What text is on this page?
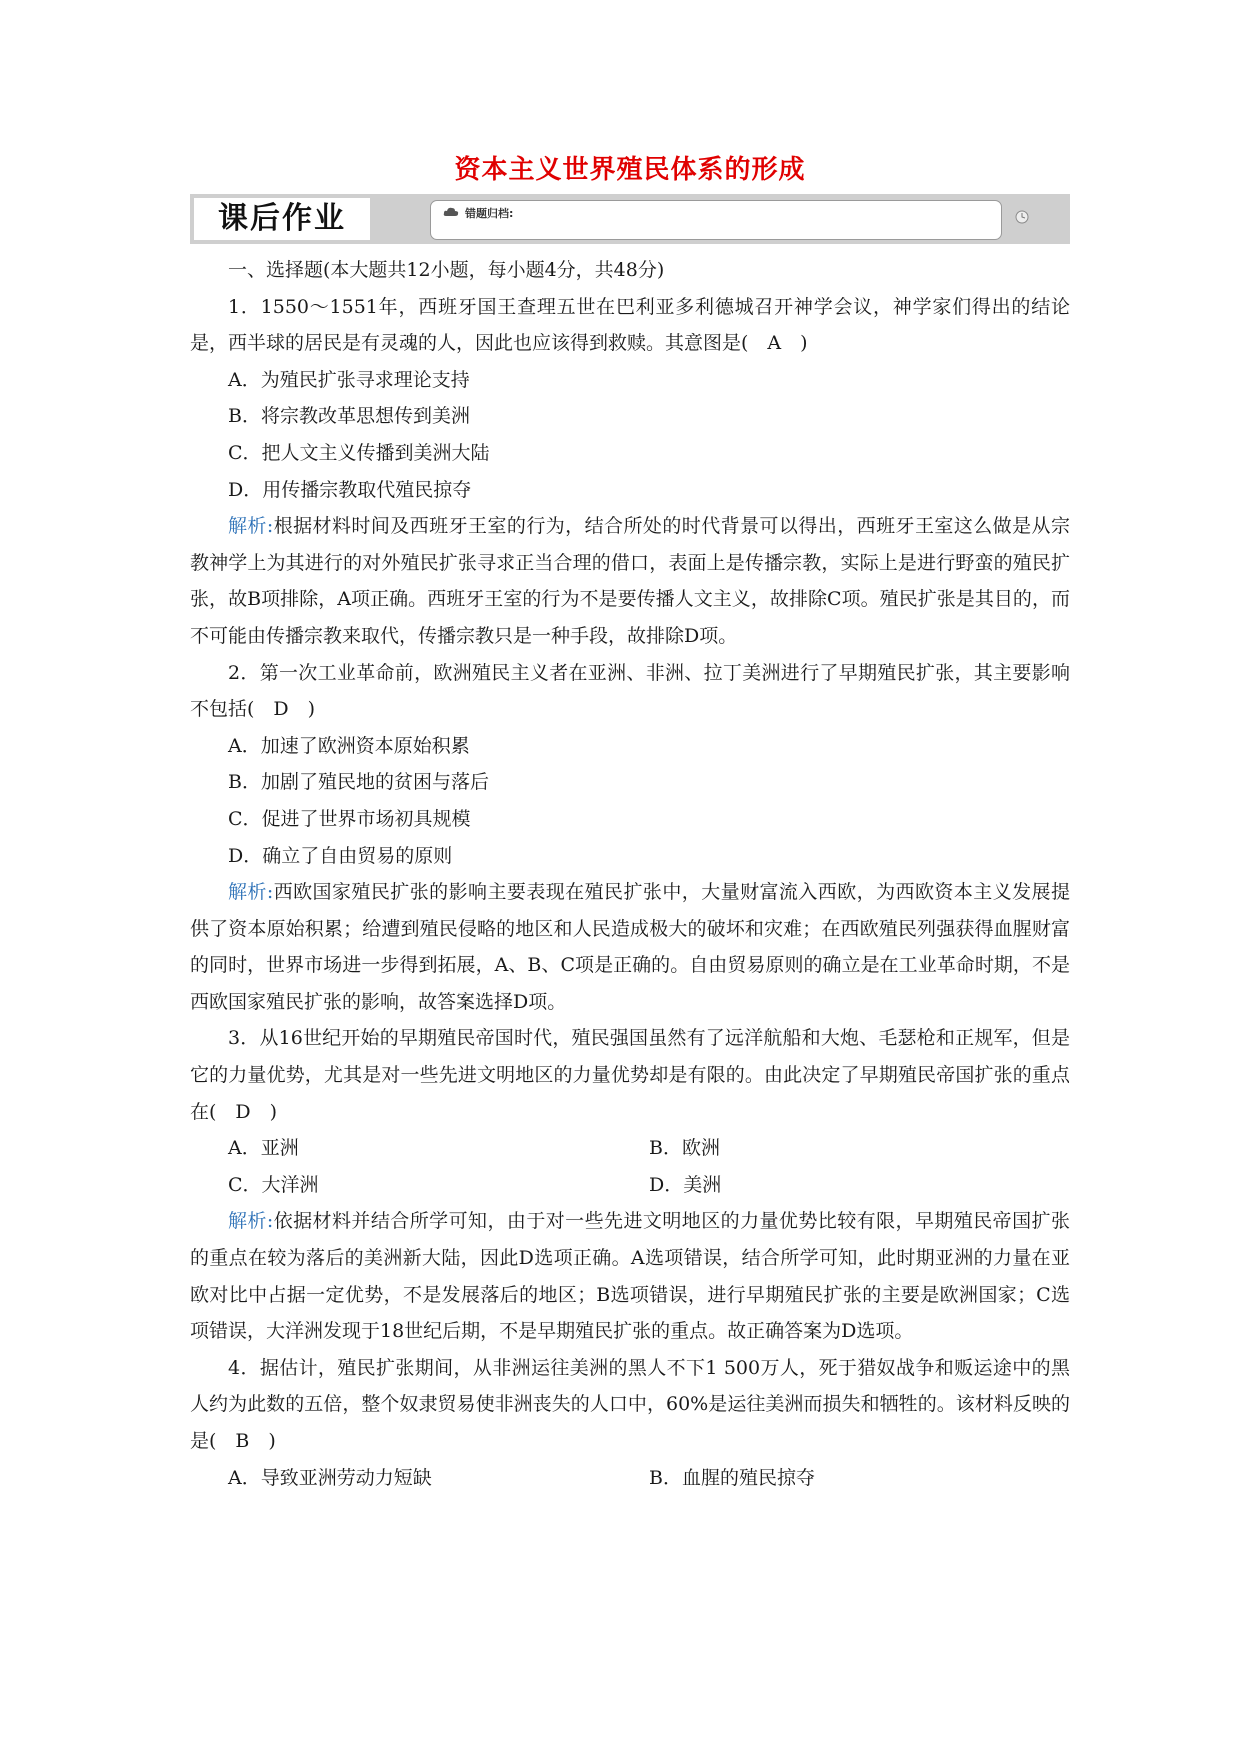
资本主义世界殖民体系的形成
课后作业	错题归档:

一、选择题(本大题共12小题，每小题4分，共48分)

1．1550～1551年，西班牙国王查理五世在巴利亚多利德城召开神学会议，神学家们得出的结论是，西半球的居民是有灵魂的人，因此也应该得到救赎。其意图是(　A　)

A．为殖民扩张寻求理论支持

B．将宗教改革思想传到美洲

C．把人文主义传播到美洲大陆

D．用传播宗教取代殖民掠夺

解析:根据材料时间及西班牙王室的行为，结合所处的时代背景可以得出，西班牙王室这么做是从宗教神学上为其进行的对外殖民扩张寻求正当合理的借口，表面上是传播宗教，实际上是进行野蛮的殖民扩张，故B项排除，A项正确。西班牙王室的行为不是要传播人文主义，故排除C项。殖民扩张是其目的，而不可能由传播宗教来取代，传播宗教只是一种手段，故排除D项。

2．第一次工业革命前，欧洲殖民主义者在亚洲、非洲、拉丁美洲进行了早期殖民扩张，其主要影响不包括(　D　)

A．加速了欧洲资本原始积累

B．加剧了殖民地的贫困与落后

C．促进了世界市场初具规模

D．确立了自由贸易的原则

解析:西欧国家殖民扩张的影响主要表现在殖民扩张中，大量财富流入西欧，为西欧资本主义发展提供了资本原始积累；给遭到殖民侵略的地区和人民造成极大的破坏和灾难；在西欧殖民列强获得血腥财富的同时，世界市场进一步得到拓展，A、B、C项是正确的。自由贸易原则的确立是在工业革命时期，不是西欧国家殖民扩张的影响，故答案选择D项。

3．从16世纪开始的早期殖民帝国时代，殖民强国虽然有了远洋航船和大炮、毛瑟枪和正规军，但是它的力量优势，尤其是对一些先进文明地区的力量优势却是有限的。由此决定了早期殖民帝国扩张的重点在(　D　)

A．亚洲	B．欧洲
C．大洋洲	D．美洲

解析:依据材料并结合所学可知，由于对一些先进文明地区的力量优势比较有限，早期殖民帝国扩张的重点在较为落后的美洲新大陆，因此D选项正确。A选项错误，结合所学可知，此时期亚洲的力量在亚欧对比中占据一定优势，不是发展落后的地区；B选项错误，进行早期殖民扩张的主要是欧洲国家；C选项错误，大洋洲发现于18世纪后期，不是早期殖民扩张的重点。故正确答案为D选项。

4．据估计，殖民扩张期间，从非洲运往美洲的黑人不下1 500万人，死于猎奴战争和贩运途中的黑人约为此数的五倍，整个奴隶贸易使非洲丧失的人口中，60%是运往美洲而损失和牺牲的。该材料反映的是(　B　)

A．导致亚洲劳动力短缺	B．血腥的殖民掠夺
